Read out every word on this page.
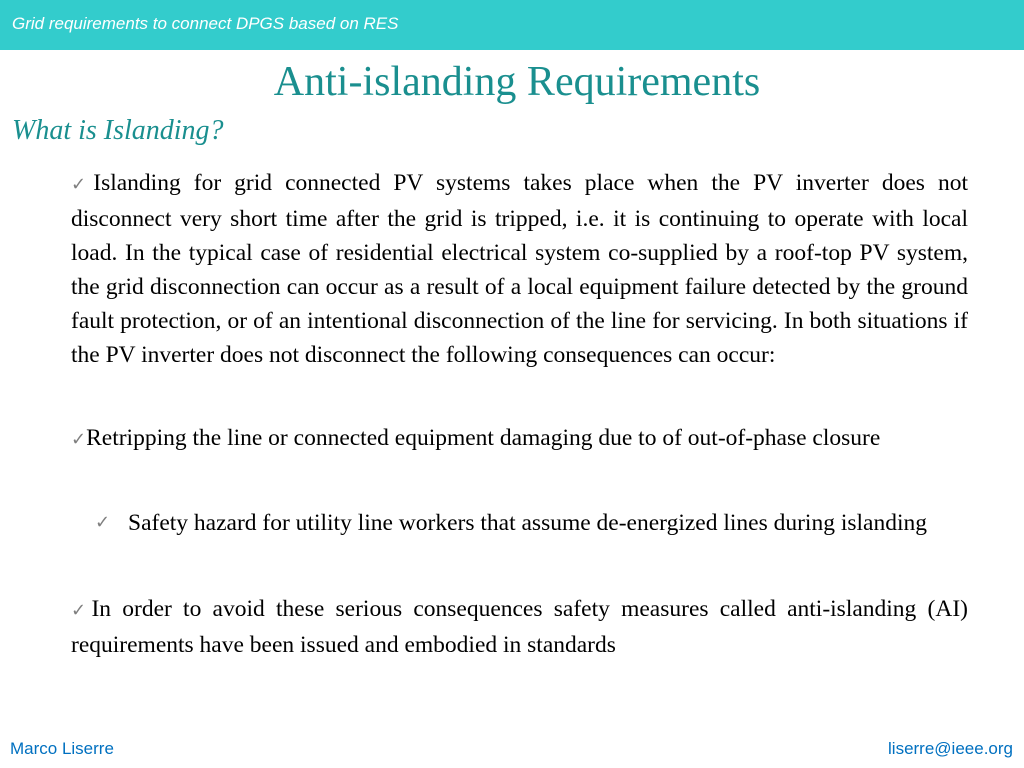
Grid requirements to connect DPGS based on RES
Anti-islanding Requirements
What is Islanding?

✓Islanding for grid connected PV systems takes place when the PV inverter does not disconnect very short time after the grid is tripped, i.e. it is continuing to operate with local load. In the typical case of residential electrical system co-supplied by a roof-top PV system, the grid disconnection can occur as a result of a local equipment failure detected by the ground fault protection, or of an intentional disconnection of the line for servicing. In both situations if the PV inverter does not disconnect the following consequences can occur:

✓Retripping the line or connected equipment damaging due to of out-of-phase closure

✓ Safety hazard for utility line workers that assume de-energized lines during islanding

✓In order to avoid these serious consequences safety measures called anti-islanding (AI) requirements have been issued and embodied in standards

Marco Liserre	liserre@ieee.org
